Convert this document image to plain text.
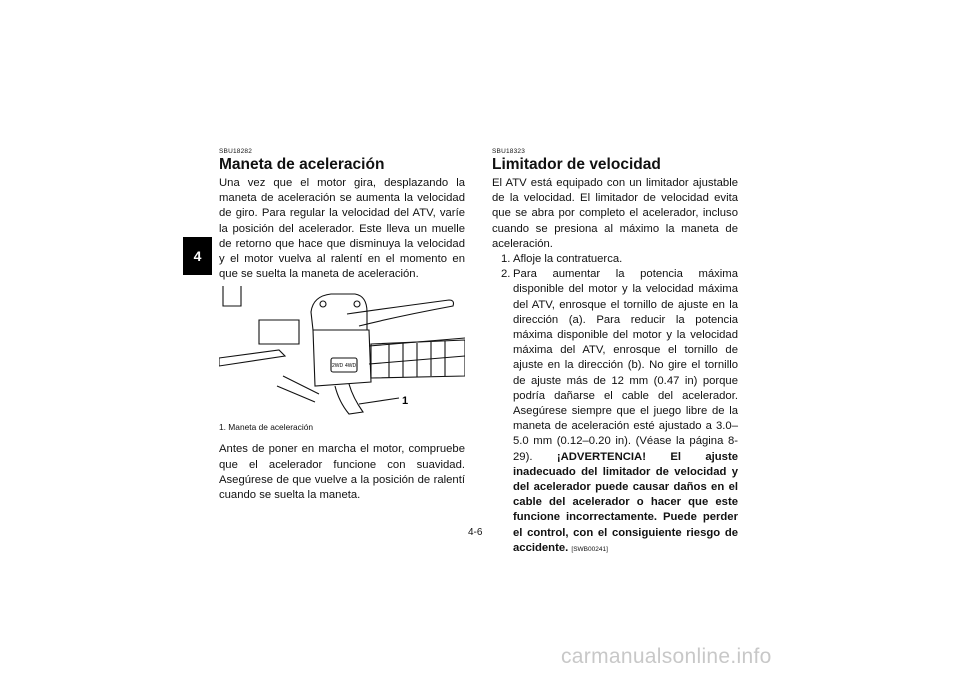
4
SBU18282
Maneta de aceleración

Una vez que el motor gira, desplazando la maneta de aceleración se aumenta la velocidad de giro. Para regular la velocidad del ATV, varíe la posición del acelerador. Este lleva un muelle de retorno que hace que disminuya la velocidad y el motor vuelva al ralentí en el momento en que se suelta la maneta de aceleración.

2WD 4WD
1
1. Maneta de aceleración

Antes de poner en marcha el motor, compruebe que el acelerador funcione con suavidad. Asegúrese de que vuelve a la posición de ralentí cuando se suelta la maneta.

SBU18323
Limitador de velocidad

El ATV está equipado con un limitador ajustable de la velocidad. El limitador de velocidad evita que se abra por completo el acelerador, incluso cuando se presiona al máximo la maneta de aceleración.

1. Afloje la contratuerca.
2. Para aumentar la potencia máxima disponible del motor y la velocidad máxima del ATV, enrosque el tornillo de ajuste en la dirección (a). Para reducir la potencia máxima disponible del motor y la velocidad máxima del ATV, enrosque el tornillo de ajuste en la dirección (b). No gire el tornillo de ajuste más de 12 mm (0.47 in) porque podría dañarse el cable del acelerador. Asegúrese siempre que el juego libre de la maneta de aceleración esté ajustado a 3.0–5.0 mm (0.12–0.20 in). (Véase la página 8-29). ¡ADVERTENCIA! El ajuste inadecuado del limitador de velocidad y del acelerador puede causar daños en el cable del acelerador o hacer que este funcione incorrectamente. Puede perder el control, con el consiguiente riesgo de accidente. [SWB00241]
4-6
carmanualsonline.info
